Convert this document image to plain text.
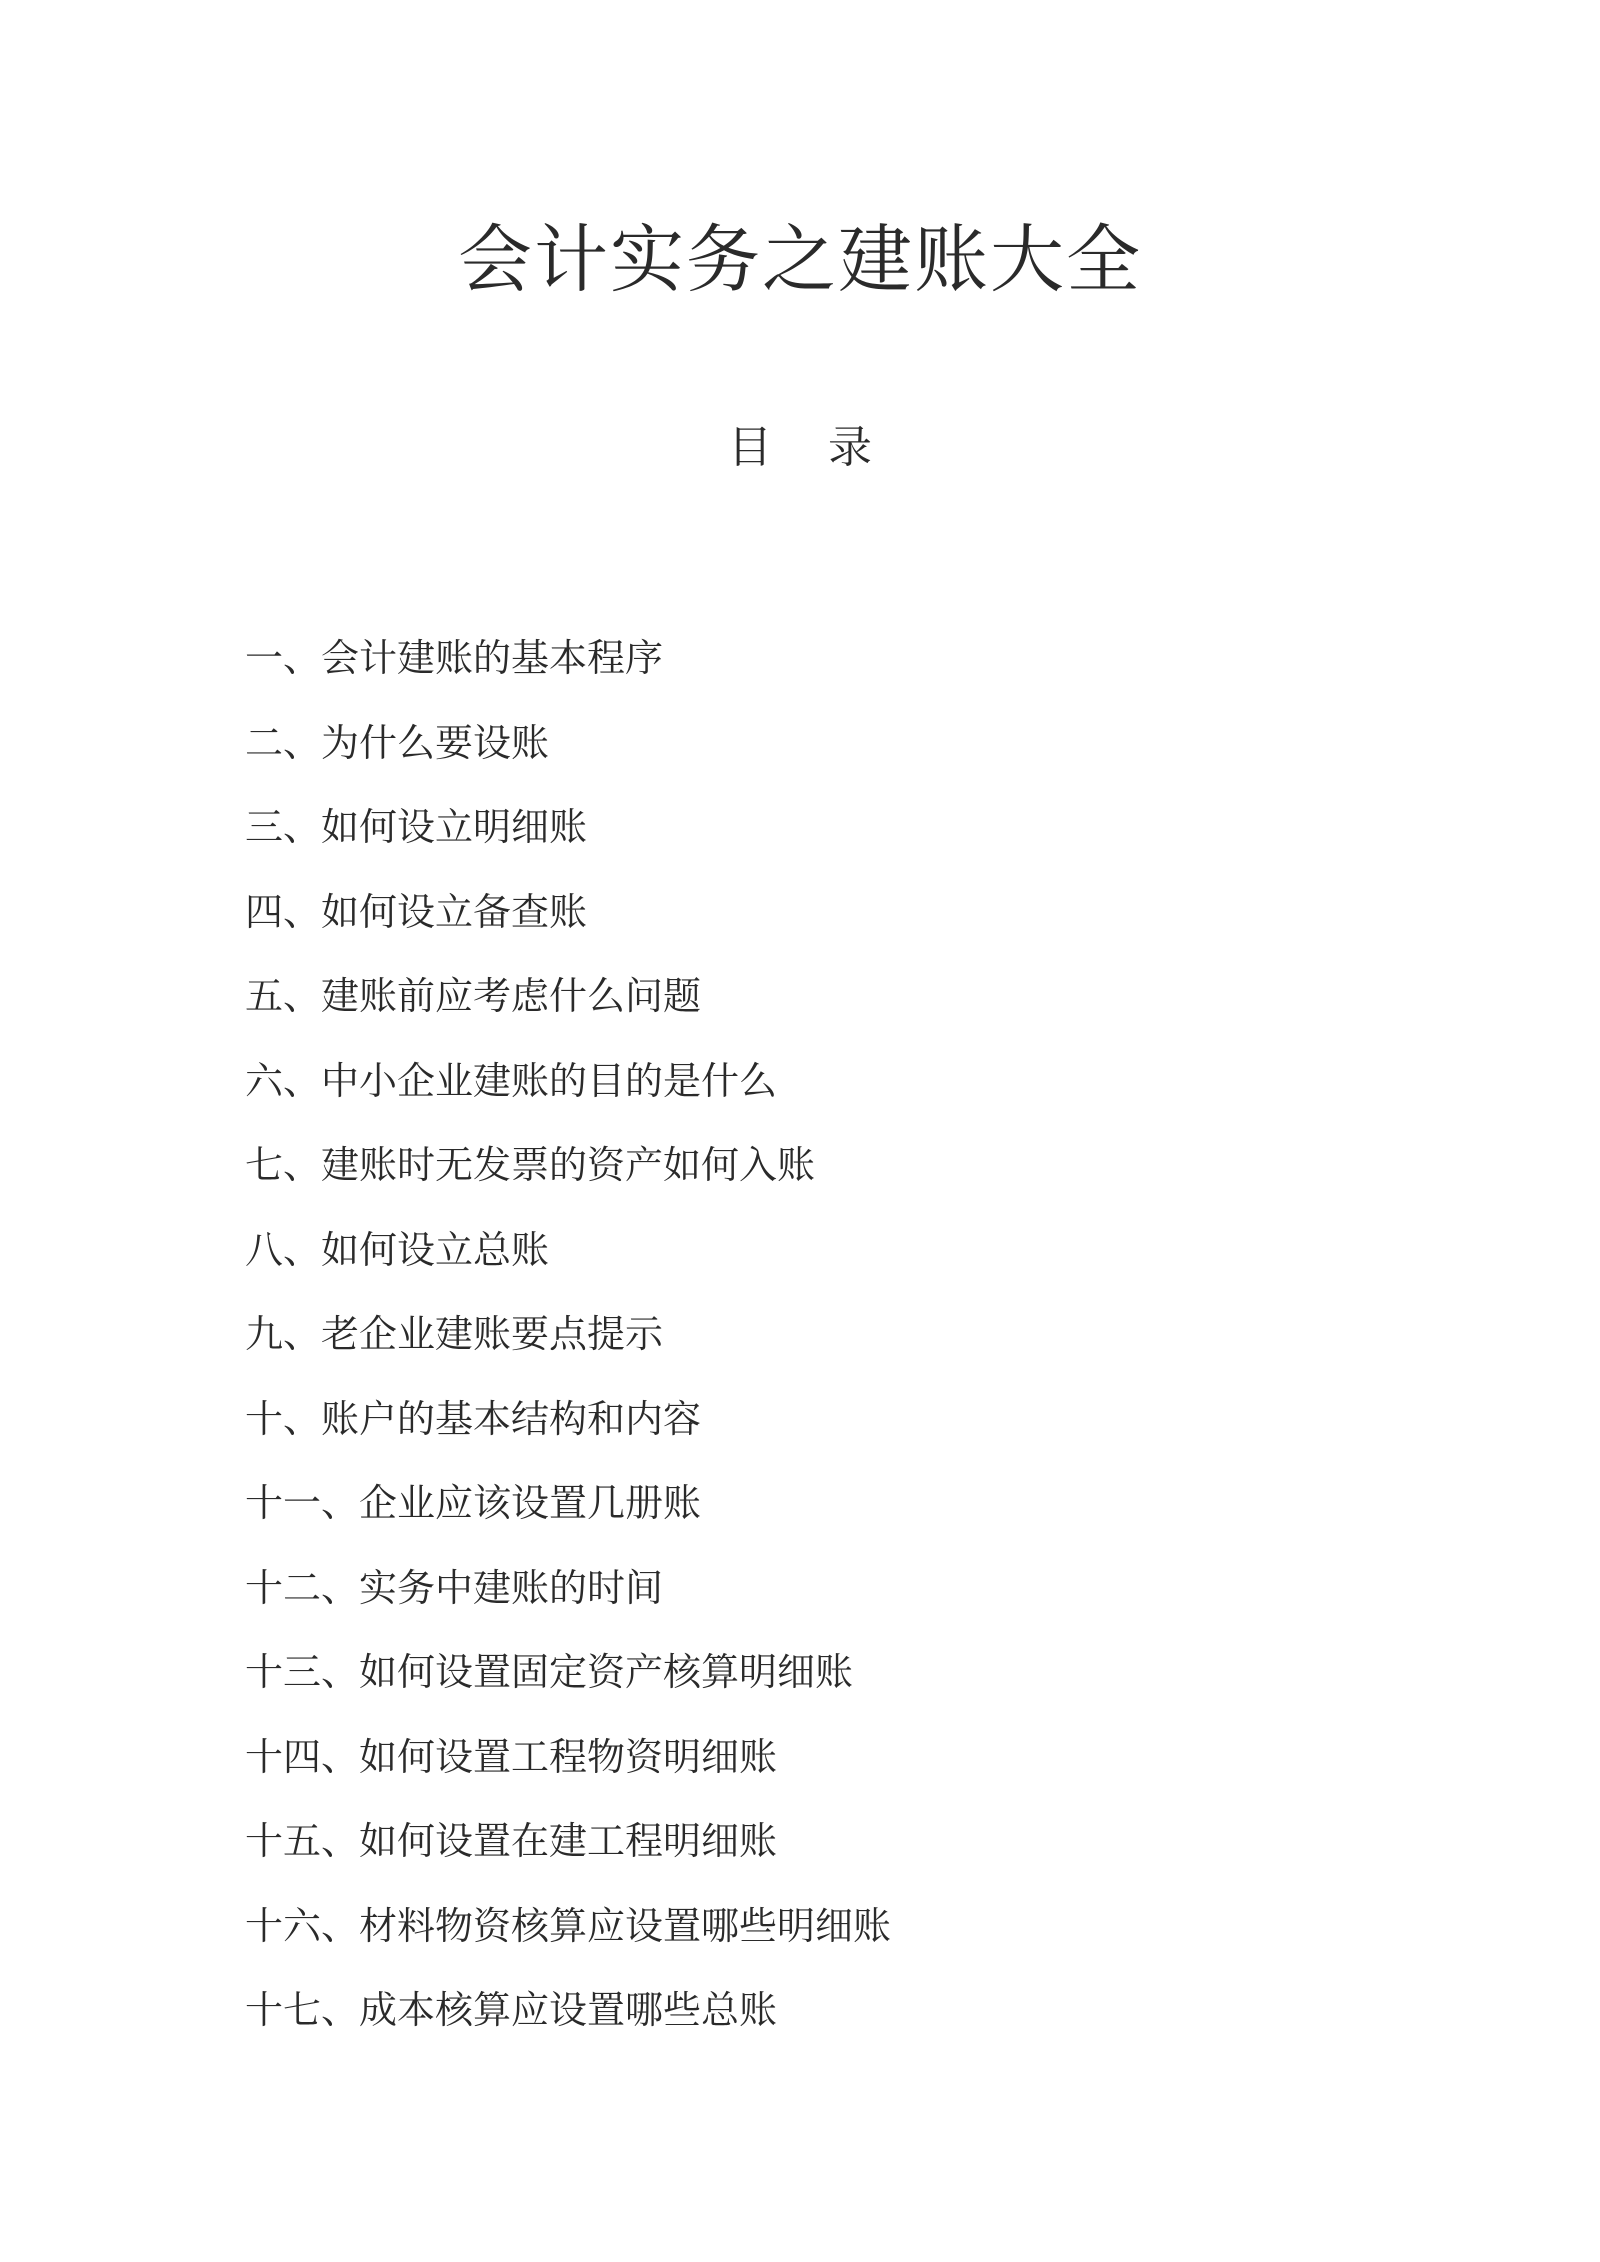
会计实务之建账大全
目 录
一、会计建账的基本程序
二、为什么要设账
三、如何设立明细账
四、如何设立备查账
五、建账前应考虑什么问题
六、中小企业建账的目的是什么
七、建账时无发票的资产如何入账
八、如何设立总账
九、老企业建账要点提示
十、账户的基本结构和内容
十一、企业应该设置几册账
十二、实务中建账的时间
十三、如何设置固定资产核算明细账
十四、如何设置工程物资明细账
十五、如何设置在建工程明细账
十六、材料物资核算应设置哪些明细账
十七、成本核算应设置哪些总账
